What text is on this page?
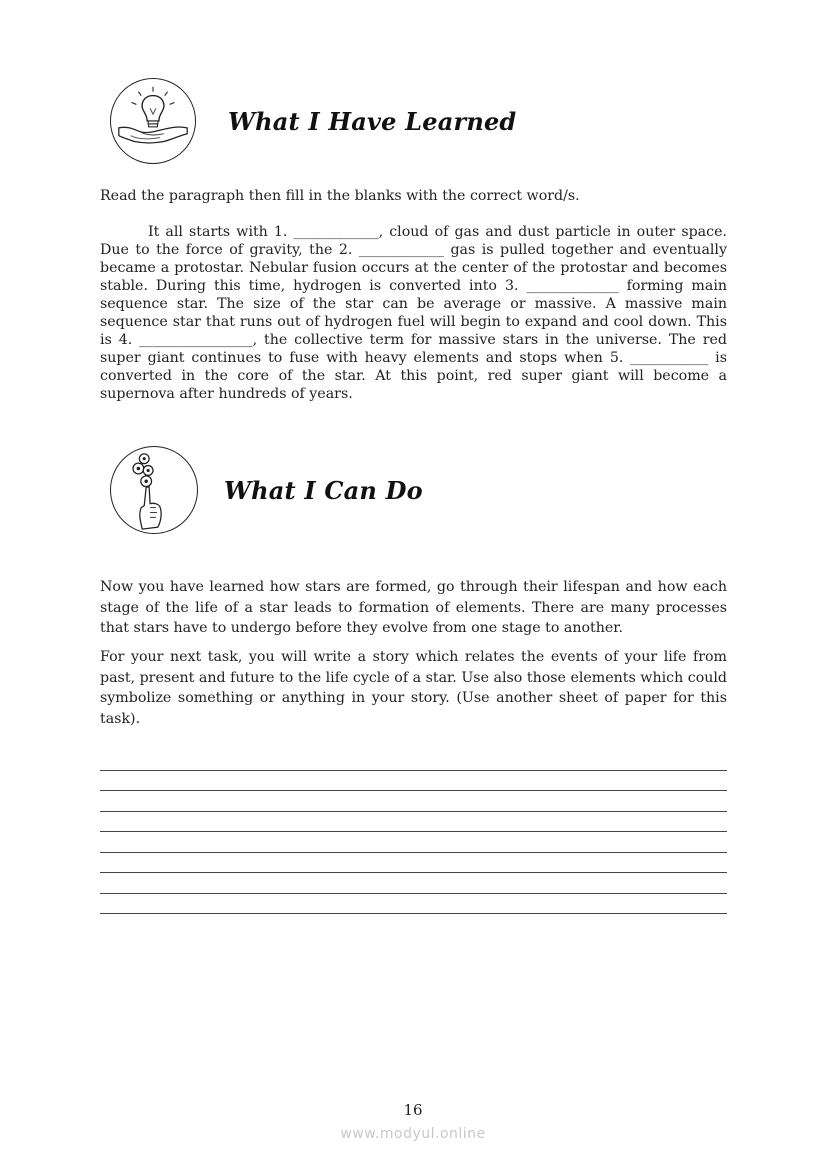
What I Have Learned

Read the paragraph then fill in the blanks with the correct word/s.

It all starts with 1. ____________, cloud of gas and dust particle in outer space. Due to the force of gravity, the 2. ____________ gas is pulled together and eventually became a protostar. Nebular fusion occurs at the center of the protostar and becomes stable. During this time, hydrogen is converted into 3. _____________ forming main sequence star. The size of the star can be average or massive. A massive main sequence star that runs out of hydrogen fuel will begin to expand and cool down. This is 4. ________________, the collective term for massive stars in the universe. The red super giant continues to fuse with heavy elements and stops when 5. ___________ is converted in the core of the star. At this point, red super giant will become a supernova after hundreds of years.

What I Can Do

Now you have learned how stars are formed, go through their lifespan and how each stage of the life of a star leads to formation of elements. There are many processes that stars have to undergo before they evolve from one stage to another.

For your next task, you will write a story which relates the events of your life from past, present and future to the life cycle of a star. Use also those elements which could symbolize something or anything in your story. (Use another sheet of paper for this task).

16
www.modyul.online
